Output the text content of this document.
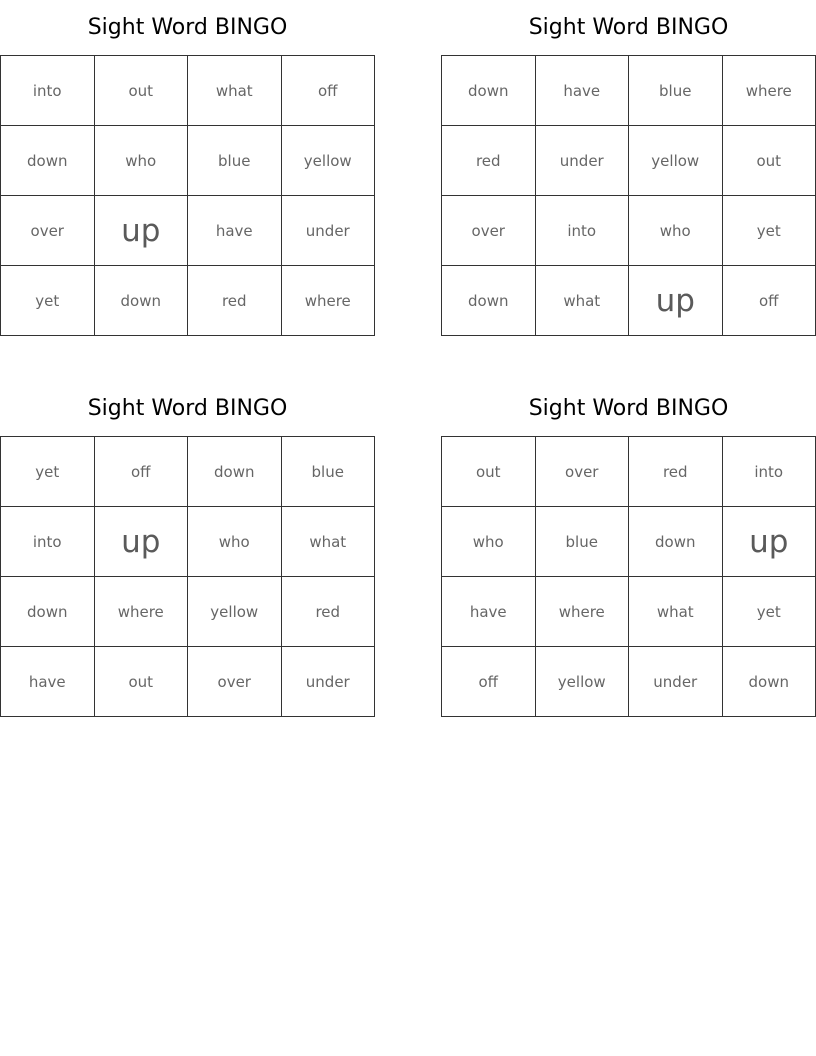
Sight Word BINGO
into	out	what	off
down	who	blue	yellow
over	up	have	under
yet	down	red	where
Sight Word BINGO
down	have	blue	where
red	under	yellow	out
over	into	who	yet
down	what	up	off
Sight Word BINGO
yet	off	down	blue
into	up	who	what
down	where	yellow	red
have	out	over	under
Sight Word BINGO
out	over	red	into
who	blue	down	up
have	where	what	yet
off	yellow	under	down
